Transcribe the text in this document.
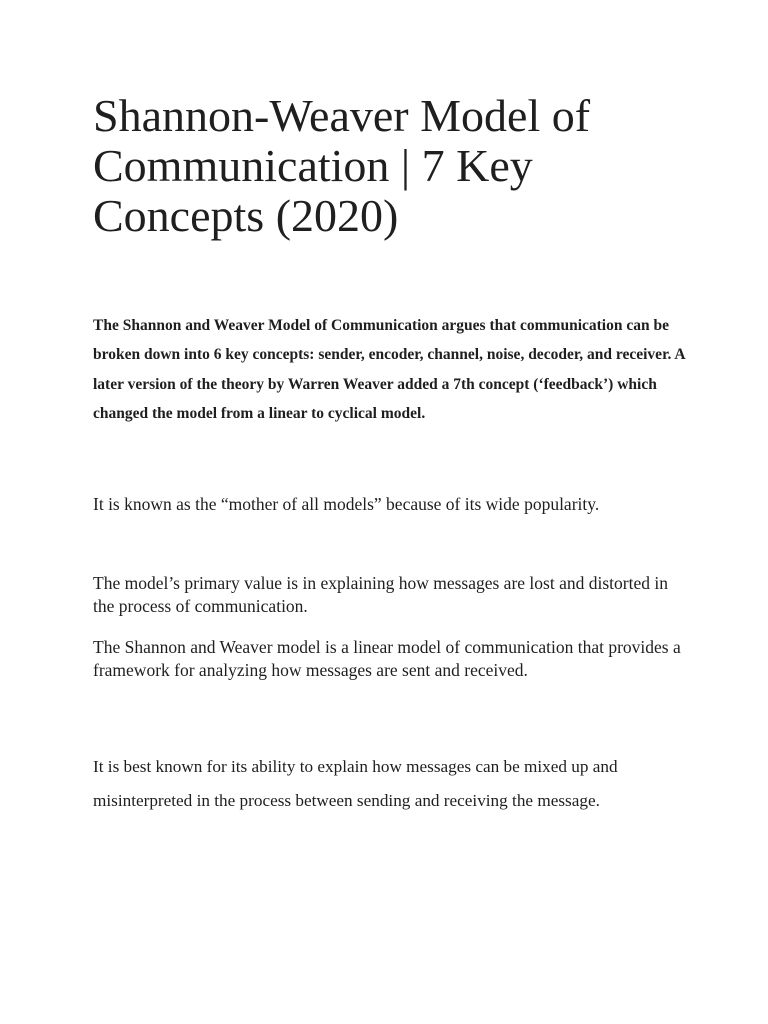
Shannon-Weaver Model of Communication | 7 Key Concepts (2020)

The Shannon and Weaver Model of Communication argues that communication can be broken down into 6 key concepts: sender, encoder, channel, noise, decoder, and receiver. A later version of the theory by Warren Weaver added a 7th concept (‘feedback’) which changed the model from a linear to cyclical model.

It is known as the “mother of all models” because of its wide popularity.

The model’s primary value is in explaining how messages are lost and distorted in the process of communication.

The Shannon and Weaver model is a linear model of communication that provides a framework for analyzing how messages are sent and received.

It is best known for its ability to explain how messages can be mixed up and misinterpreted in the process between sending and receiving the message.
